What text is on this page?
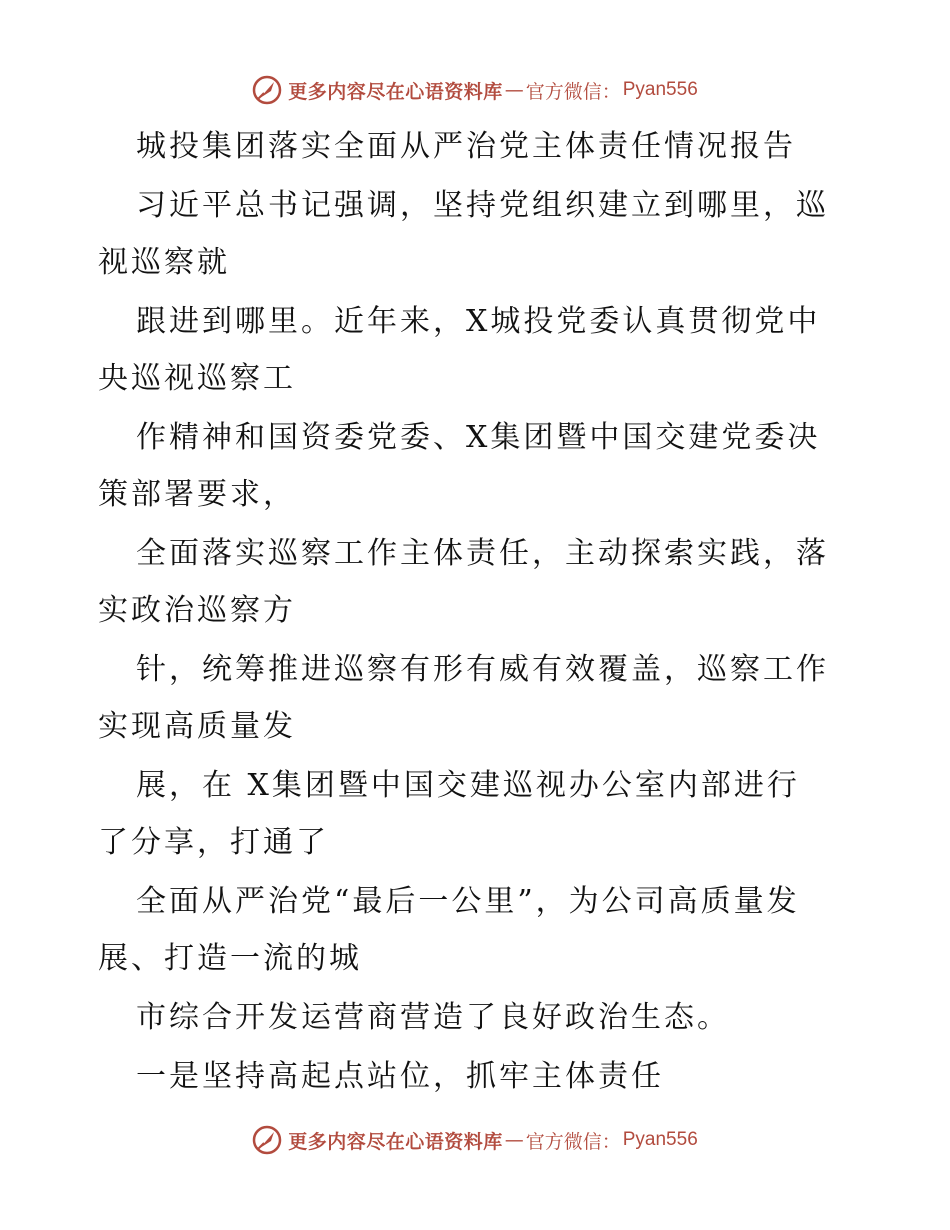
更多内容尽在心语资料库 — 官方微信： Pyan556
城投集团落实全面从严治党主体责任情况报告
习近平总书记强调，坚持党组织建立到哪里，巡
视巡察就
跟进到哪里。近年来，X城投党委认真贯彻党中
央巡视巡察工
作精神和国资委党委、X集团暨中国交建党委决
策部署要求，
全面落实巡察工作主体责任，主动探索实践，落
实政治巡察方
针，统筹推进巡察有形有威有效覆盖，巡察工作
实现高质量发
展，在 X集团暨中国交建巡视办公室内部进行
了分享，打通了
全面从严治党“最后一公里”，为公司高质量发
展、打造一流的城
市综合开发运营商营造了良好政治生态。
一是坚持高起点站位，抓牢主体责任
更多内容尽在心语资料库 — 官方微信： Pyan556
